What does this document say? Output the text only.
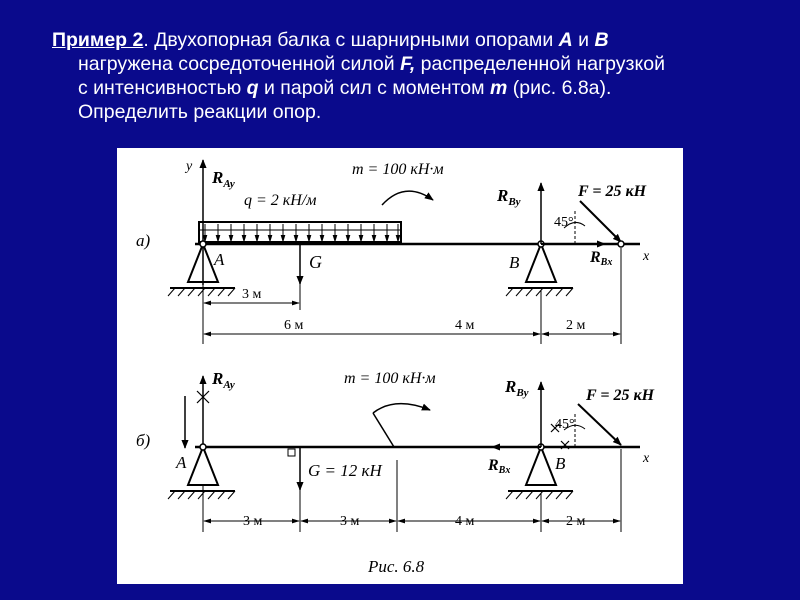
Пример 2. Двухопорная балка с шарнирными опорами A и B
нагружена сосредоточенной силой F, распределенной нагрузкой
с интенсивностью q и парой сил с моментом m (рис. 6.8а).
Определить реакции опор.
а)
y
$R_{Ay}$
q = 2 кН/м
m = 100 кН·м
$R_{By}$
F = 25 кН
45°
RBx x
A	G	B
3 м
6 м	4 м	2 м
б)
$R_{Ay}$	m = 100 кН·м	$R_{By}$	F = 25 кН
45°
RBx
x
A	G = 12 кН	B
3 м	3 м	4 м	2 м
Рис. 6.8
